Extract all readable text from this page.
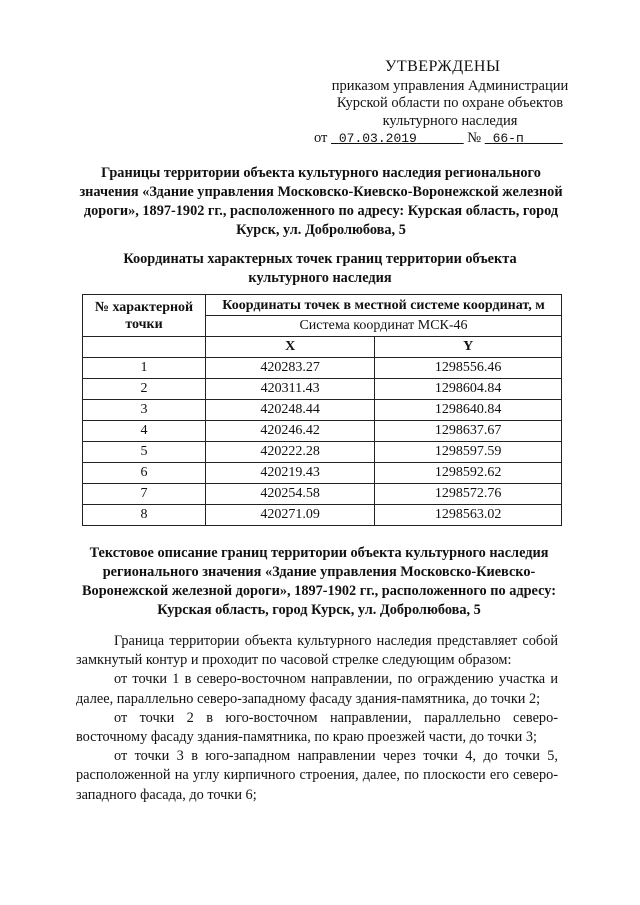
УТВЕРЖДЕНЫ
приказом управления Администрации
Курской области по охране объектов
культурного наследия
от 07.03.2019	№ 66-п
Границы территории объекта культурного наследия регионального значения «Здание управления Московско-Киевско-Воронежской железной дороги», 1897-1902 гг., расположенного по адресу: Курская область, город Курск, ул. Добролюбова, 5
Координаты характерных точек границ территории объекта культурного наследия
№ характерной точки	Координаты точек в местной системе координат, м	
	Система координат МСК-46	
	X	Y
1	420283.27	1298556.46
2	420311.43	1298604.84
3	420248.44	1298640.84
4	420246.42	1298637.67
5	420222.28	1298597.59
6	420219.43	1298592.62
7	420254.58	1298572.76
8	420271.09	1298563.02
Текстовое описание границ территории объекта культурного наследия регионального значения «Здание управления Московско-Киевско-Воронежской железной дороги», 1897-1902 гг., расположенного по адресу: Курская область, город Курск, ул. Добролюбова, 5

Граница территории объекта культурного наследия представляет собой замкнутый контур и проходит по часовой стрелке следующим образом:

от точки 1 в северо-восточном направлении, по ограждению участка и далее, параллельно северо-западному фасаду здания-памятника, до точки 2;

от точки 2 в юго-восточном направлении, параллельно северо-восточному фасаду здания-памятника, по краю проезжей части, до точки 3;

от точки 3 в юго-западном направлении через точки 4, до точки 5, расположенной на углу кирпичного строения, далее, по плоскости его северо-западного фасада, до точки 6;
